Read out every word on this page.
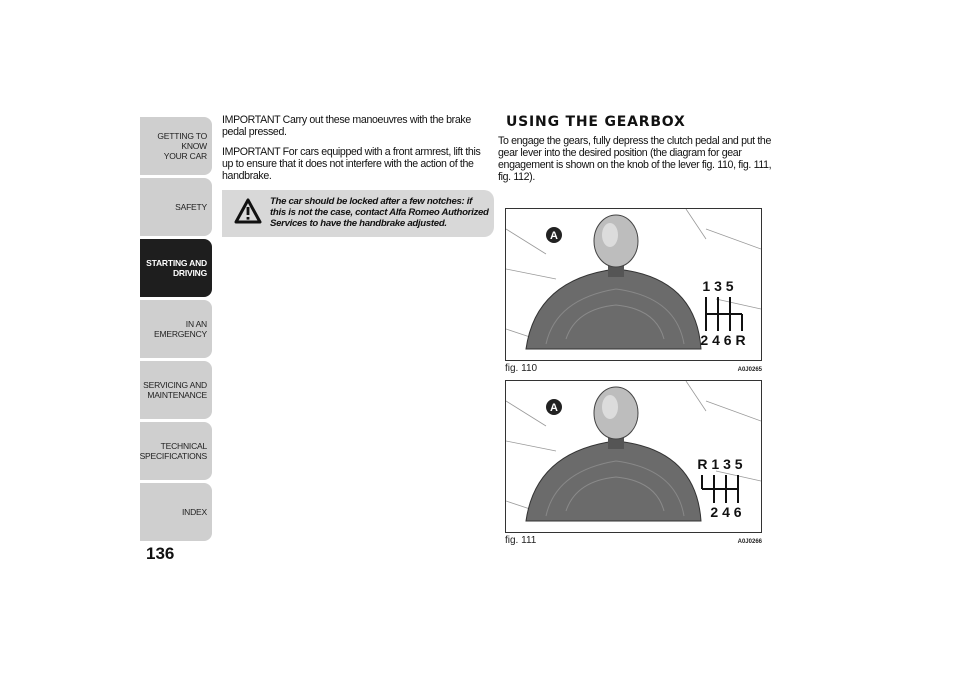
GETTING TO KNOW
YOUR CAR
SAFETY
STARTING AND
DRIVING
IN AN EMERGENCY
SERVICING AND
MAINTENANCE
TECHNICAL
SPECIFICATIONS
INDEX
136

IMPORTANT Carry out these manoeuvres with the brake pedal pressed.

IMPORTANT For cars equipped with a front armrest, lift this up to ensure that it does not interfere with the action of the handbrake.

The car should be locked after a few notches: if this is not the case, contact Alfa Romeo Authorized Services to have the handbrake adjusted.
USING THE GEARBOX

To engage the gears, fully depress the clutch pedal and put the gear lever into the desired position (the diagram for gear engagement is shown on the knob of the lever fig. 110, fig. 111, fig. 112).

A
1 3 5
2 4 6 R
fig. 110	A0J0265
A
R 1 3 5
2 4 6
fig. 111	A0J0266
